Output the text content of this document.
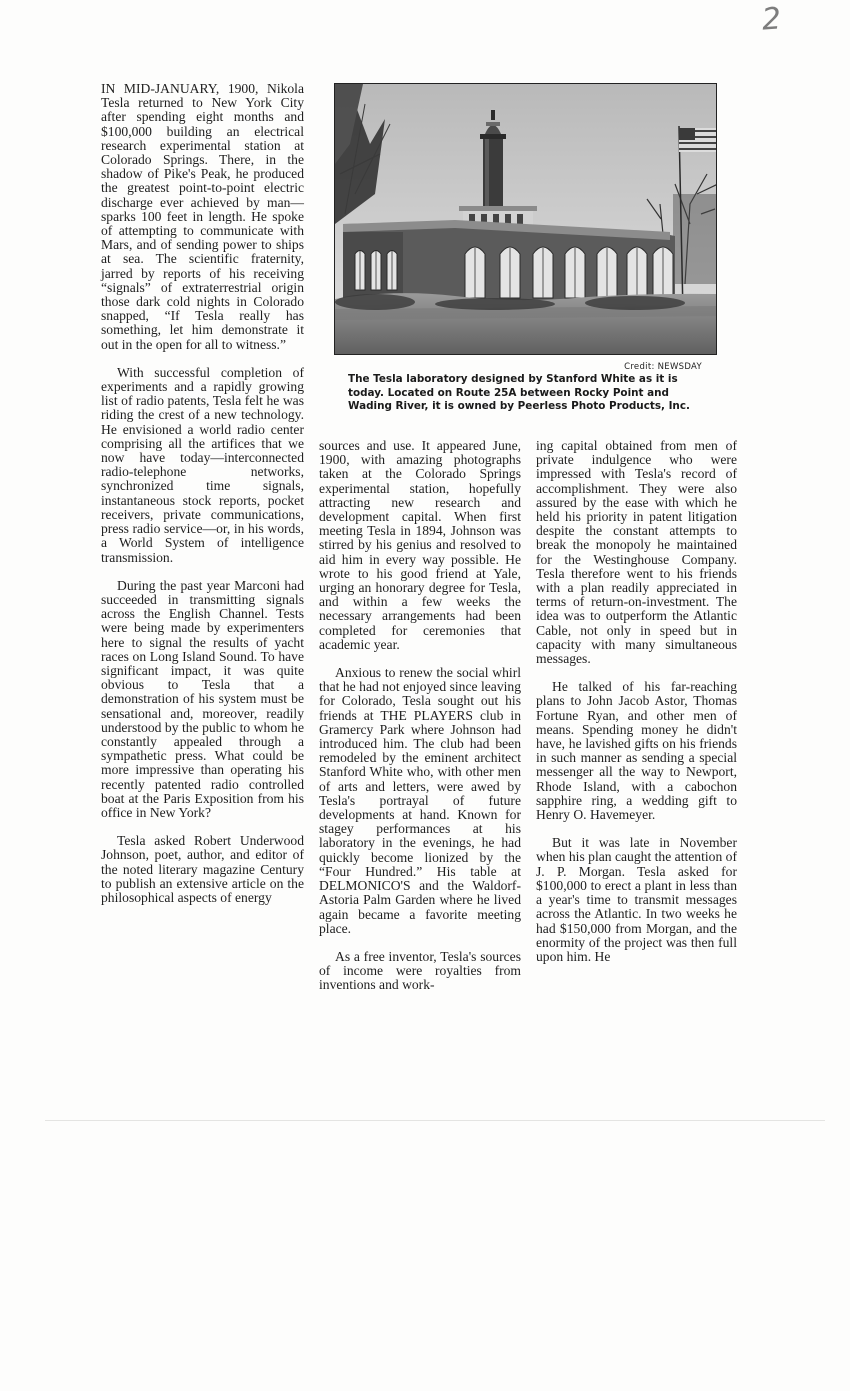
2

IN MID-JANUARY, 1900, Nikola Tesla returned to New York City after spending eight months and $100,000 building an electrical research experimental station at Colorado Springs. There, in the shadow of Pike's Peak, he produced the greatest point-to-point electric discharge ever achieved by man—sparks 100 feet in length. He spoke of attempting to communicate with Mars, and of sending power to ships at sea. The scientific fraternity, jarred by reports of his receiving “signals” of extraterrestrial origin those dark cold nights in Colorado snapped, “If Tesla really has something, let him demonstrate it out in the open for all to witness.”

With successful completion of experiments and a rapidly growing list of radio patents, Tesla felt he was riding the crest of a new technology. He envisioned a world radio center comprising all the artifices that we now have today—interconnected radio-telephone networks, synchronized time signals, instantaneous stock reports, pocket receivers, private communications, press radio service—or, in his words, a World System of intelligence transmission.

During the past year Marconi had succeeded in transmitting signals across the English Channel. Tests were being made by experimenters here to signal the results of yacht races on Long Island Sound. To have significant impact, it was quite obvious to Tesla that a demonstration of his system must be sensational and, moreover, readily understood by the public to whom he constantly appealed through a sympathetic press. What could be more impressive than operating his recently patented radio controlled boat at the Paris Exposition from his office in New York?

Tesla asked Robert Underwood Johnson, poet, author, and editor of the noted literary magazine Century to publish an extensive article on the philosophical aspects of energy

Credit: NEWSDAY
The Tesla laboratory designed by Stanford White as it is today. Located on Route 25A between Rocky Point and Wading River, it is owned by Peerless Photo Products, Inc.

sources and use. It appeared June, 1900, with amazing photographs taken at the Colorado Springs experimental station, hopefully attracting new research and development capital. When first meeting Tesla in 1894, Johnson was stirred by his genius and resolved to aid him in every way possible. He wrote to his good friend at Yale, urging an honorary degree for Tesla, and within a few weeks the necessary arrangements had been completed for ceremonies that academic year.

Anxious to renew the social whirl that he had not enjoyed since leaving for Colorado, Tesla sought out his friends at THE PLAYERS club in Gramercy Park where Johnson had introduced him. The club had been remodeled by the eminent architect Stanford White who, with other men of arts and letters, were awed by Tesla's portrayal of future developments at hand. Known for stagey performances at his laboratory in the evenings, he had quickly become lionized by the “Four Hundred.” His table at DELMONICO'S and the Waldorf-Astoria Palm Garden where he lived again became a favorite meeting place.

As a free inventor, Tesla's sources of income were royalties from inventions and work-

ing capital obtained from men of private indulgence who were impressed with Tesla's record of accomplishment. They were also assured by the ease with which he held his priority in patent litigation despite the constant attempts to break the monopoly he maintained for the Westinghouse Company. Tesla therefore went to his friends with a plan readily appreciated in terms of return-on-investment. The idea was to outperform the Atlantic Cable, not only in speed but in capacity with many simultaneous messages.

He talked of his far-reaching plans to John Jacob Astor, Thomas Fortune Ryan, and other men of means. Spending money he didn't have, he lavished gifts on his friends in such manner as sending a special messenger all the way to Newport, Rhode Island, with a cabochon sapphire ring, a wedding gift to Henry O. Havemeyer.

But it was late in November when his plan caught the attention of J. P. Morgan. Tesla asked for $100,000 to erect a plant in less than a year's time to transmit messages across the Atlantic. In two weeks he had $150,000 from Morgan, and the enormity of the project was then full upon him. He
